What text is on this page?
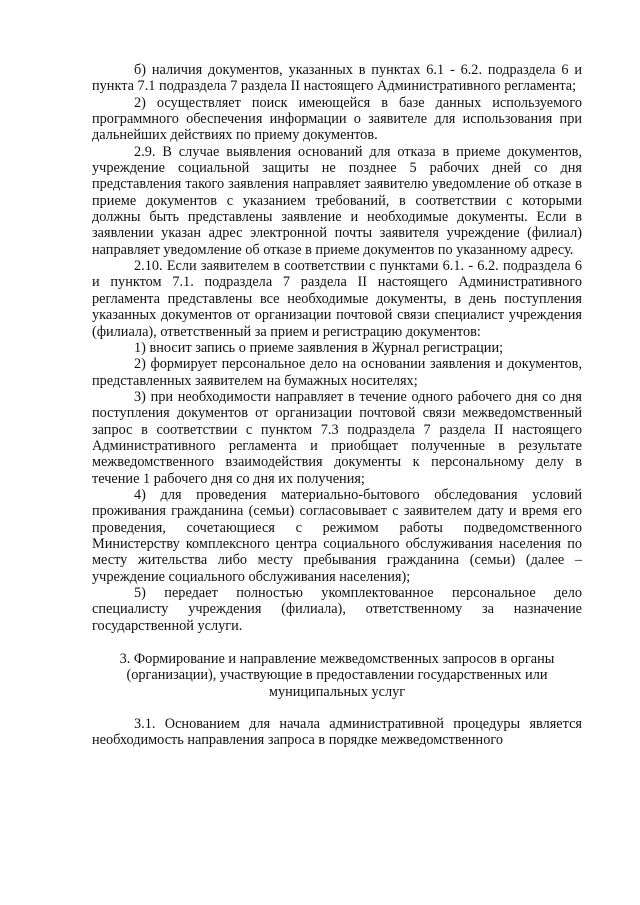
б) наличия документов, указанных в пунктах 6.1 - 6.2. подраздела 6 и пункта 7.1 подраздела 7 раздела II настоящего Административного регламента;

2) осуществляет поиск имеющейся в базе данных используемого программного обеспечения информации о заявителе для использования при дальнейших действиях по приему документов.

2.9. В случае выявления оснований для отказа в приеме документов, учреждение социальной защиты не позднее 5 рабочих дней со дня представления такого заявления направляет заявителю уведомление об отказе в приеме документов с указанием требований, в соответствии с которыми должны быть представлены заявление и необходимые документы. Если в заявлении указан адрес электронной почты заявителя учреждение (филиал) направляет уведомление об отказе в приеме документов по указанному адресу.

2.10. Если заявителем в соответствии с пунктами 6.1. - 6.2. подраздела 6 и пунктом 7.1. подраздела 7 раздела II настоящего Административного регламента представлены все необходимые документы, в день поступления указанных документов от организации почтовой связи специалист учреждения (филиала), ответственный за прием и регистрацию документов:

1) вносит запись о приеме заявления в Журнал регистрации;

2) формирует персональное дело на основании заявления и документов, представленных заявителем на бумажных носителях;

3) при необходимости направляет в течение одного рабочего дня со дня поступления документов от организации почтовой связи межведомственный запрос в соответствии с пунктом 7.3 подраздела 7 раздела II настоящего Административного регламента и приобщает полученные в результате межведомственного взаимодействия документы к персональному делу в течение 1 рабочего дня со дня их получения;

4) для проведения материально-бытового обследования условий проживания гражданина (семьи) согласовывает с заявителем дату и время его проведения, сочетающиеся с режимом работы подведомственного Министерству комплексного центра социального обслуживания населения по месту жительства либо месту пребывания гражданина (семьи) (далее – учреждение социального обслуживания населения);

5) передает полностью укомплектованное персональное дело специалисту учреждения (филиала), ответственному за назначение государственной услуги.

3. Формирование и направление межведомственных запросов в органы (организации), участвующие в предоставлении государственных или муниципальных услуг

3.1. Основанием для начала административной процедуры является необходимость направления запроса в порядке межведомственного
